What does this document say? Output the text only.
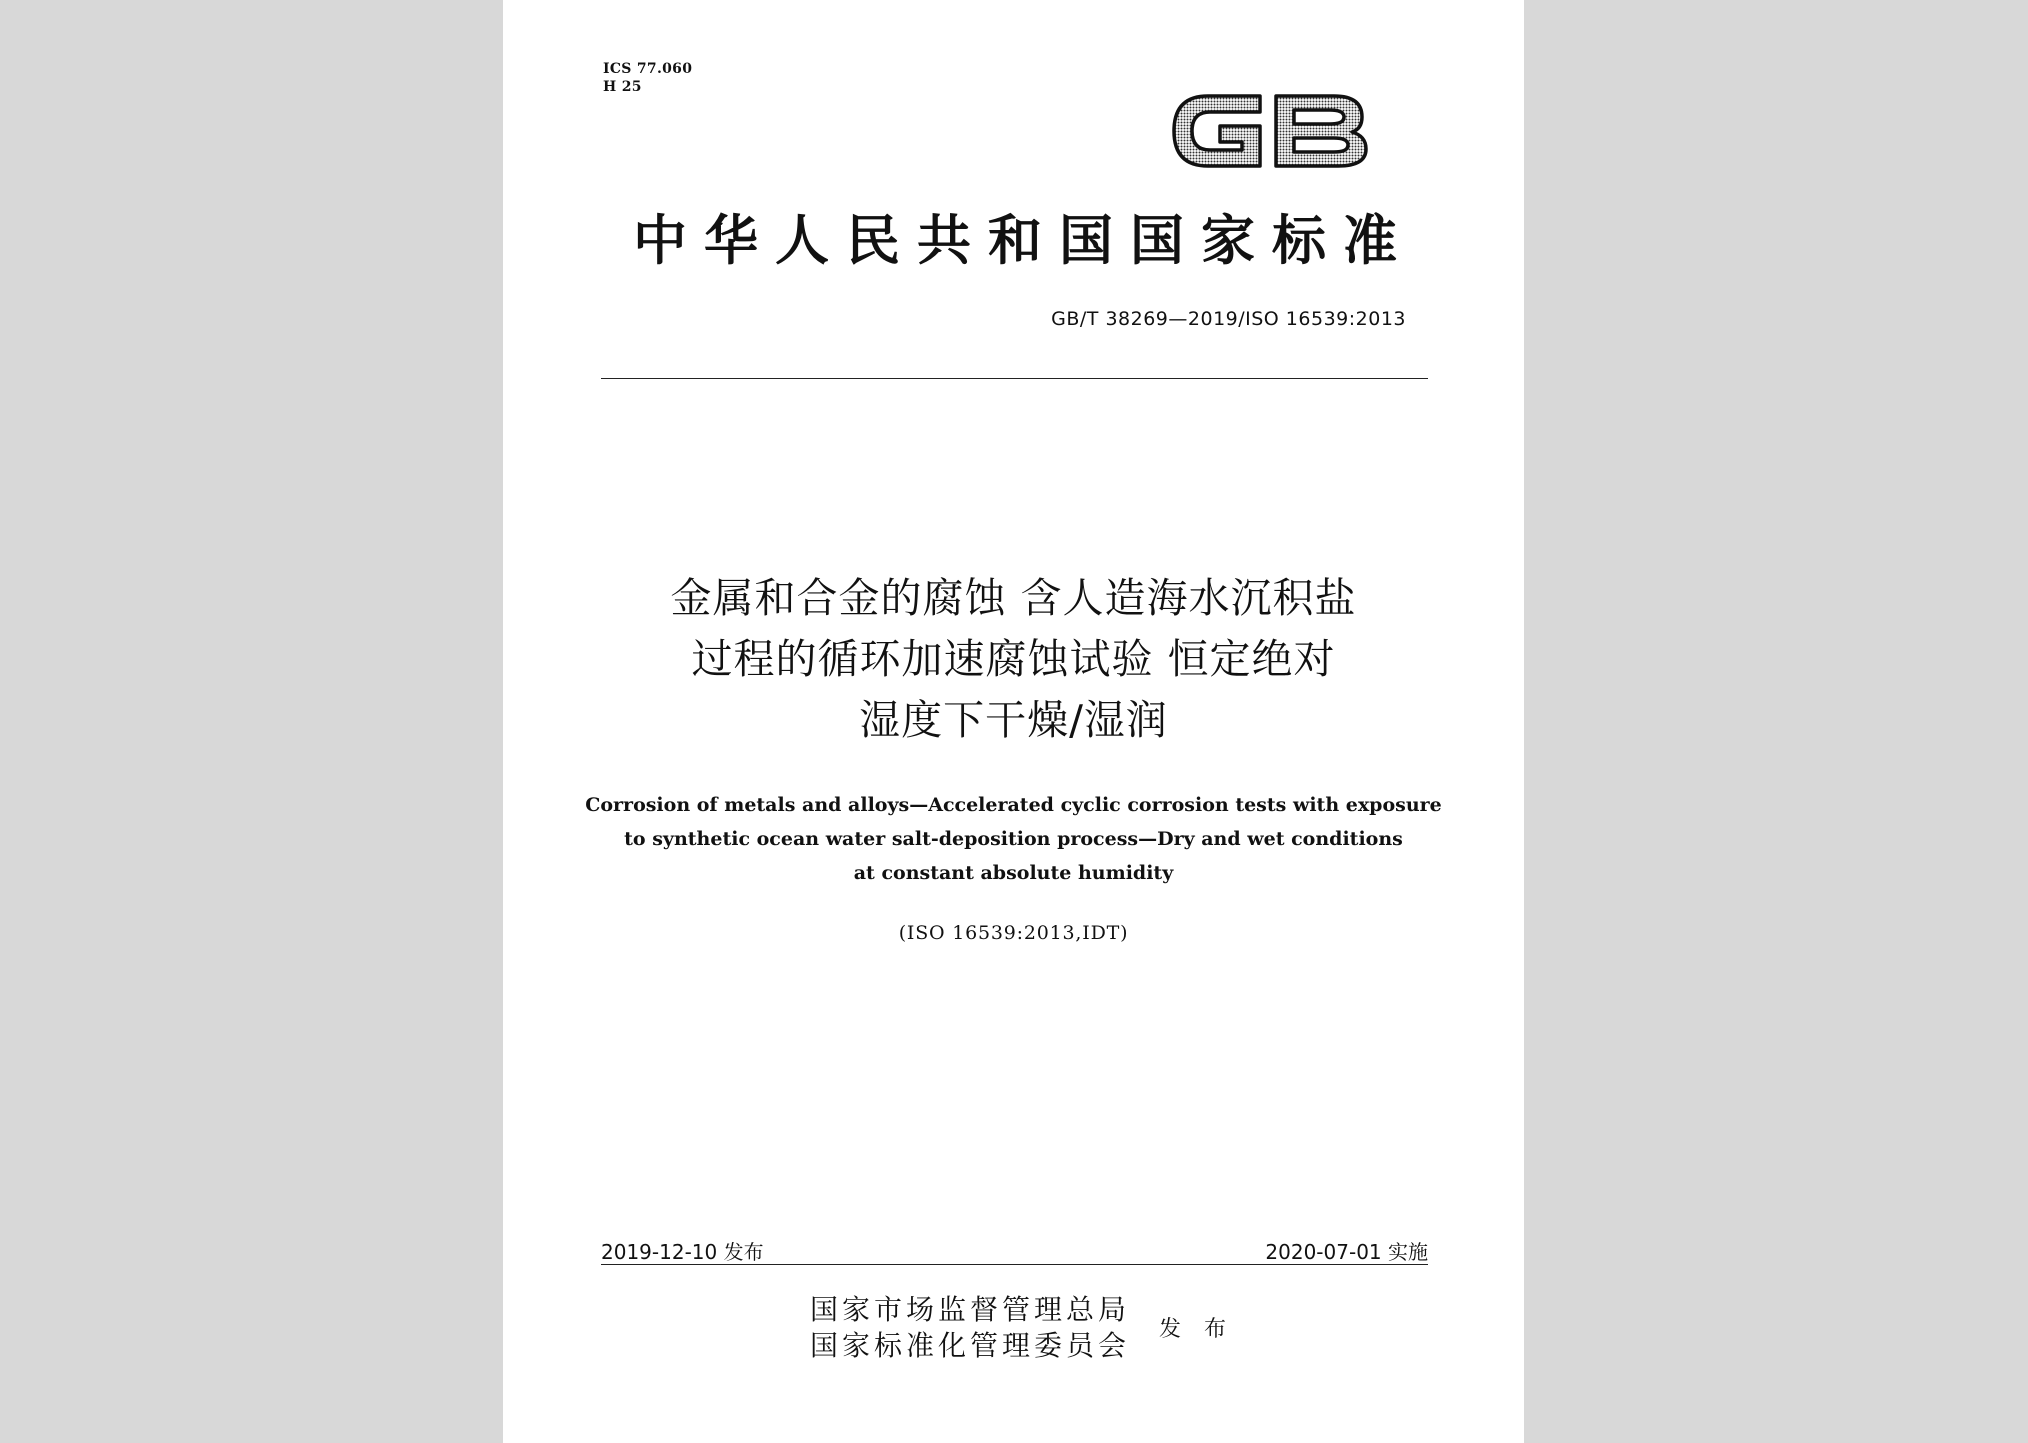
ICS 77.060
H 25
中华人民共和国国家标准
GB/T 38269—2019/ISO 16539:2013
金属和合金的腐蚀 含人造海水沉积盐
过程的循环加速腐蚀试验 恒定绝对
湿度下干燥/湿润
Corrosion of metals and alloys—Accelerated cyclic corrosion tests with exposure
to synthetic ocean water salt-deposition process—Dry and wet conditions
at constant absolute humidity
(ISO 16539:2013,IDT)
2019-12-10 发布	2020-07-01 实施
国家市场监督管理总局
国家标准化管理委员会 发 布
